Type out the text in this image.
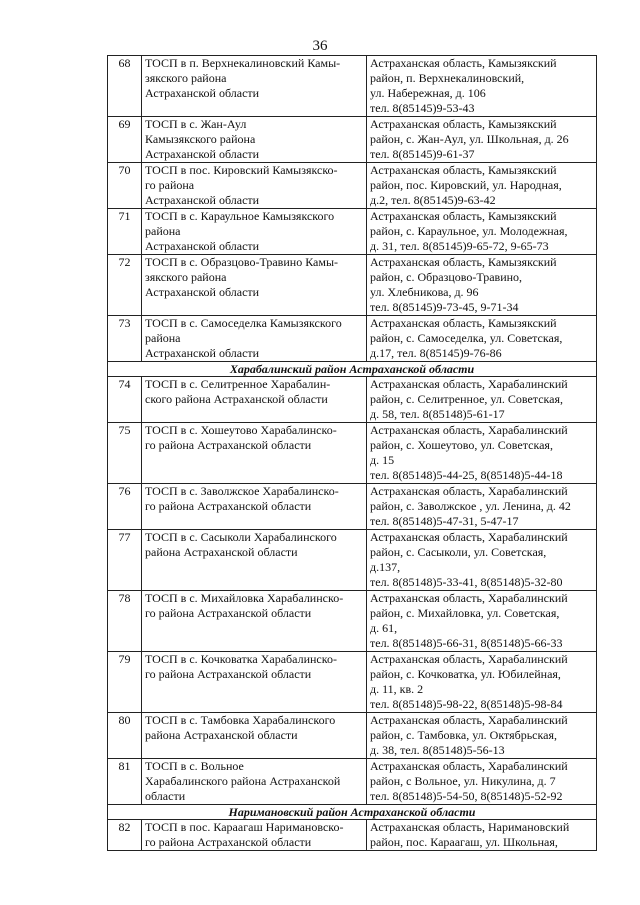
36
68	ТОСП в п. Верхнекалиновский Камы-
зякского района
Астраханской области	Астраханская область, Камызякский
район, п. Верхнекалиновский,
ул. Набережная, д. 106
тел. 8(85145)9-53-43
69	ТОСП в с. Жан-Аул
Камызякского района
Астраханской области	Астраханская область, Камызякский
район, с. Жан-Аул, ул. Школьная, д. 26
тел. 8(85145)9-61-37
70	ТОСП в пос. Кировский Камызякско-
го района
Астраханской области	Астраханская область, Камызякский
район, пос. Кировский, ул. Народная,
д.2, тел. 8(85145)9-63-42
71	ТОСП в с. Караульное Камызякского
района
Астраханской области	Астраханская область, Камызякский
район, с. Караульное, ул. Молодежная,
д. 31, тел. 8(85145)9-65-72, 9-65-73
72	ТОСП в с. Образцово-Травино Камы-
зякского района
Астраханской области	Астраханская область, Камызякский
район, с. Образцово-Травино,
ул. Хлебникова, д. 96
тел. 8(85145)9-73-45, 9-71-34
73	ТОСП в с. Самоседелка Камызякского
района
Астраханской области	Астраханская область, Камызякский
район, с. Самоседелка, ул. Советская,
д.17, тел. 8(85145)9-76-86
Харабалинский район Астраханской области		
74	ТОСП в с. Селитренное Харабалин-
ского района Астраханской области	Астраханская область, Харабалинский
район, с. Селитренное, ул. Советская,
д. 58, тел. 8(85148)5-61-17
75	ТОСП в с. Хошеутово Харабалинско-
го района Астраханской области	Астраханская область, Харабалинский
район, с. Хошеутово, ул. Советская,
д. 15
тел. 8(85148)5-44-25, 8(85148)5-44-18
76	ТОСП в с. Заволжское Харабалинско-
го района Астраханской области	Астраханская область, Харабалинский
район, с. Заволжское , ул. Ленина, д. 42
тел. 8(85148)5-47-31, 5-47-17
77	ТОСП в с. Сасыколи Харабалинского
района Астраханской области	Астраханская область, Харабалинский
район, с. Сасыколи, ул. Советская,
д.137,
тел. 8(85148)5-33-41, 8(85148)5-32-80
78	ТОСП в с. Михайловка Харабалинско-
го района Астраханской области	Астраханская область, Харабалинский
район, с. Михайловка, ул. Советская,
д. 61,
тел. 8(85148)5-66-31, 8(85148)5-66-33
79	ТОСП в с. Кочковатка Харабалинско-
го района Астраханской области	Астраханская область, Харабалинский
район, с. Кочковатка, ул. Юбилейная,
д. 11, кв. 2
тел. 8(85148)5-98-22, 8(85148)5-98-84
80	ТОСП в с. Тамбовка Харабалинского
района Астраханской области	Астраханская область, Харабалинский
район, с. Тамбовка, ул. Октябрьская,
д. 38, тел. 8(85148)5-56-13
81	ТОСП в с. Вольное
Харабалинского района Астраханской
области	Астраханская область, Харабалинский
район, с Вольное, ул. Никулина, д. 7
тел. 8(85148)5-54-50, 8(85148)5-52-92
Наримановский район Астраханской области		
82	ТОСП в пос. Караагаш Наримановско-
го района Астраханской области	Астраханская область, Наримановский
район, пос. Караагаш, ул. Школьная,
